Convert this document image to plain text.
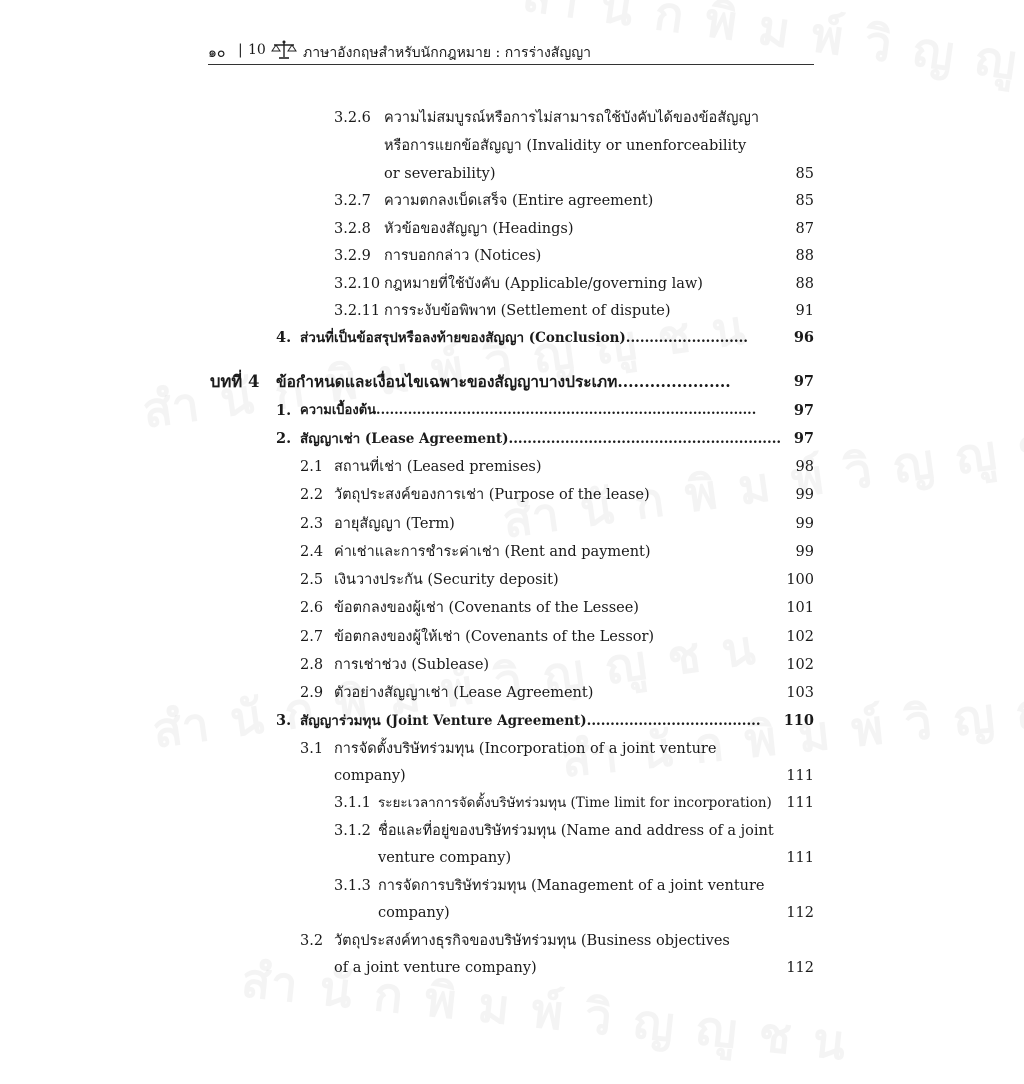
๑๐ | 10	ภาษาอังกฤษสำหรับนักกฎหมาย : การร่างสัญญา
3.2.6 ความไม่สมบูรณ์หรือการไม่สามารถใช้บังคับได้ของข้อสัญญา
หรือการแยกข้อสัญญา (Invalidity or unenforceability
or severability)	85
3.2.7 ความตกลงเบ็ดเสร็จ (Entire agreement)	85
3.2.8 หัวข้อของสัญญา (Headings)	87
3.2.9 การบอกกล่าว (Notices)	88
3.2.10 กฎหมายที่ใช้บังคับ (Applicable/governing law)	88
3.2.11 การระงับข้อพิพาท (Settlement of dispute)	91
4. ส่วนที่เป็นข้อสรุปหรือลงท้ายของสัญญา (Conclusion)..........................	96
บทที่ 4 ข้อกำหนดและเงื่อนไขเฉพาะของสัญญาบางประเภท.....................	97
1. ความเบื้องต้น....................................................................................	97
2. สัญญาเช่า (Lease Agreement).......................................................... 97
2.1 สถานที่เช่า (Leased premises)	98
2.2 วัตถุประสงค์ของการเช่า (Purpose of the lease)	99
2.3 อายุสัญญา (Term)	99
2.4 ค่าเช่าและการชำระค่าเช่า (Rent and payment)	99
2.5 เงินวางประกัน (Security deposit)	100
2.6 ข้อตกลงของผู้เช่า (Covenants of the Lessee)	101
2.7 ข้อตกลงของผู้ให้เช่า (Covenants of the Lessor)	102
2.8 การเช่าช่วง (Sublease)	102
2.9 ตัวอย่างสัญญาเช่า (Lease Agreement)	103
3. สัญญาร่วมทุน (Joint Venture Agreement).....................................	110
3.1 การจัดตั้งบริษัทร่วมทุน (Incorporation of a joint venture
company)	111
3.1.1 ระยะเวลาการจัดตั้งบริษัทร่วมทุน (Time limit for incorporation)	111
3.1.2 ชื่อและที่อยู่ของบริษัทร่วมทุน (Name and address of a joint
venture company)	111
3.1.3 การจัดการบริษัทร่วมทุน (Management of a joint venture
company)	112
3.2 วัตถุประสงค์ทางธุรกิจของบริษัทร่วมทุน (Business objectives
of a joint venture company)	112
